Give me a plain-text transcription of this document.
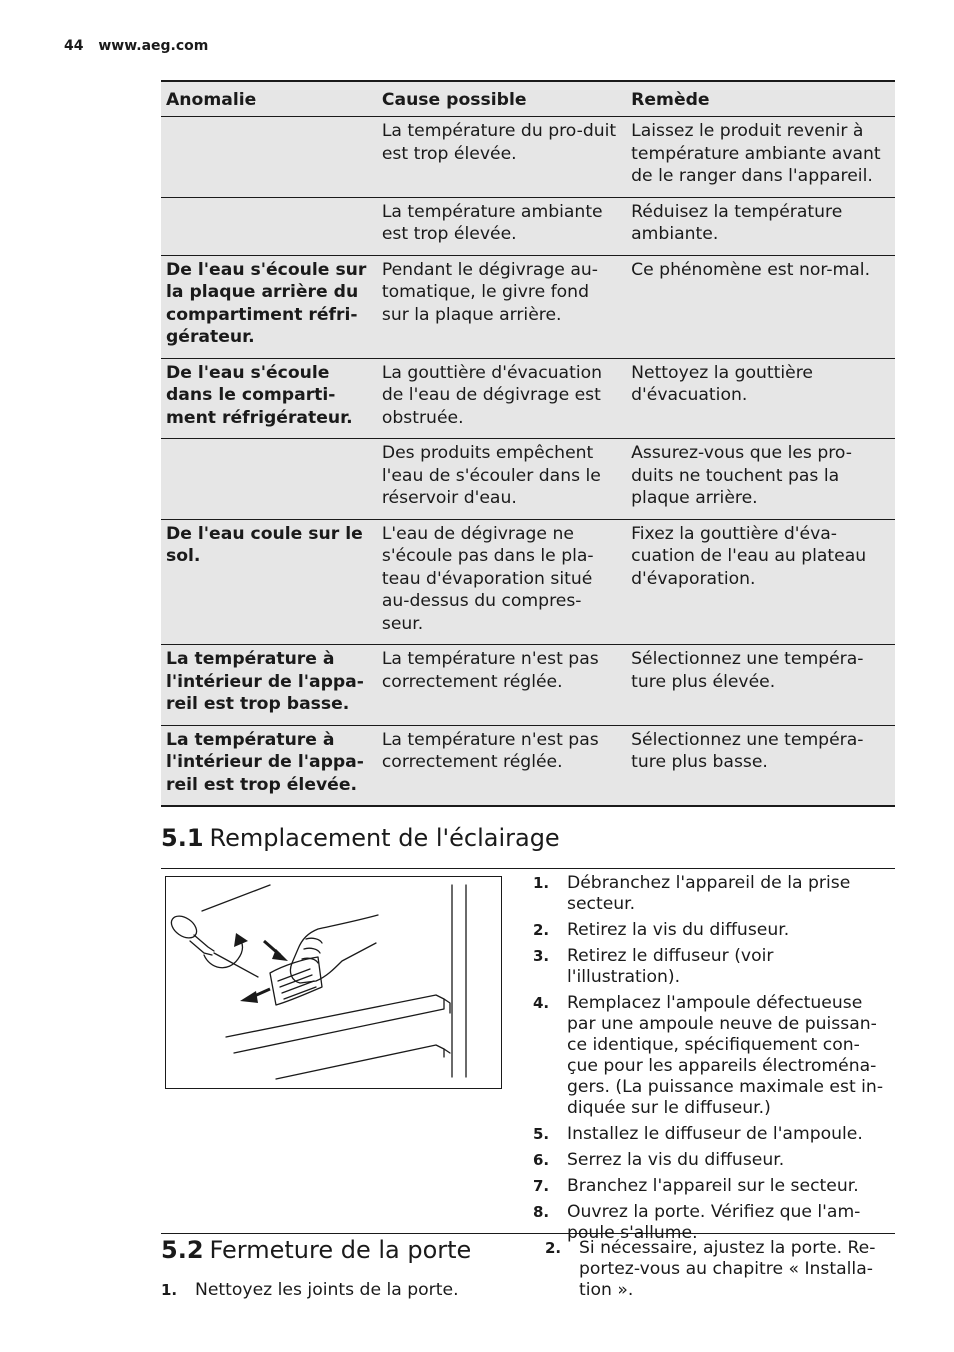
44 www.aeg.com
Anomalie	Cause possible	Remède
	La température du pro-duit est trop élevée.	Laissez le produit revenir à température ambiante avant de le ranger dans l'appareil.
	La température ambiante est trop élevée.	Réduisez la température ambiante.
De l'eau s'écoule sur la plaque arrière du compartiment réfri-gérateur.	Pendant le dégivrage au-tomatique, le givre fond sur la plaque arrière.	Ce phénomène est nor-mal.
De l'eau s'écoule dans le comparti-ment réfrigérateur.	La gouttière d'évacuation de l'eau de dégivrage est obstruée.	Nettoyez la gouttière d'évacuation.
	Des produits empêchent l'eau de s'écouler dans le réservoir d'eau.	Assurez-vous que les pro-duits ne touchent pas la plaque arrière.
De l'eau coule sur le sol.	L'eau de dégivrage ne s'écoule pas dans le pla-teau d'évaporation situé au-dessus du compres-seur.	Fixez la gouttière d'éva-cuation de l'eau au plateau d'évaporation.
La température à l'intérieur de l'appa-reil est trop basse.	La température n'est pas correctement réglée.	Sélectionnez une tempéra-ture plus élevée.
La température à l'intérieur de l'appa-reil est trop élevée.	La température n'est pas correctement réglée.	Sélectionnez une tempéra-ture plus basse.
5.1 Remplacement de l'éclairage
1. Débranchez l'appareil de la prise secteur.
2. Retirez la vis du diffuseur.
3. Retirez le diffuseur (voir l'illustration).
4. Remplacez l'ampoule défectueuse par une ampoule neuve de puissan-ce identique, spécifiquement con-çue pour les appareils électroména-gers. (La puissance maximale est in-diquée sur le diffuseur.)
5. Installez le diffuseur de l'ampoule.
6. Serrez la vis du diffuseur.
7. Branchez l'appareil sur le secteur.
8. Ouvrez la porte. Vérifiez que l'am-poule s'allume.
5.2 Fermeture de la porte
1. Nettoyez les joints de la porte.
2. Si nécessaire, ajustez la porte. Re-portez-vous au chapitre « Installa-tion ».
